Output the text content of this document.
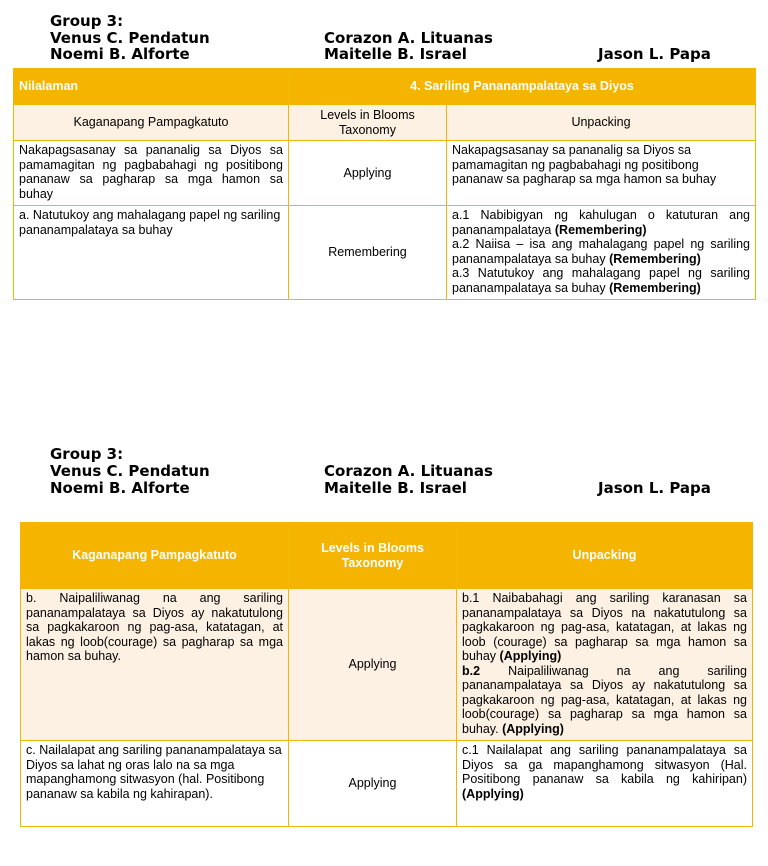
Group 3:
Venus C. Pendatun
Noemi B. Alforte
Corazon A. Lituanas
Maitelle B. Israel	Jason L. Papa
Nilalaman	4. Sariling Pananampalataya sa Diyos	
Kaganapang Pampagkatuto	Levels in Blooms Taxonomy	Unpacking
Nakapagsasanay sa pananalig sa Diyos sa pamamagitan ng pagbabahagi ng positibong pananaw sa pagharap sa mga hamon sa buhay	Applying	Nakapagsasanay sa pananalig sa Diyos sa pamamagitan ng pagbabahagi ng positibong pananaw sa pagharap sa mga hamon sa buhay
a. Natutukoy ang mahalagang papel ng sariling pananampalataya sa buhay	Remembering	a.1 Nabibigyan ng kahulugan o katuturan ang pananampalataya (Remembering)
a.2 Naiisa – isa ang mahalagang papel ng sariling pananampalataya sa buhay (Remembering)
a.3 Natutukoy ang mahalagang papel ng sariling pananampalataya sa buhay (Remembering)
Group 3:
Venus C. Pendatun
Noemi B. Alforte
Corazon A. Lituanas
Maitelle B. Israel	Jason L. Papa
Kaganapang Pampagkatuto	Levels in Blooms Taxonomy	Unpacking
b. Naipaliliwanag na ang sariling pananampalataya sa Diyos ay nakatutulong sa pagkakaroon ng pag-asa, katatagan, at lakas ng loob(courage) sa pagharap sa mga hamon sa buhay.	Applying	b.1 Naibabahagi ang sariling karanasan sa pananampalataya sa Diyos na nakatutulong sa pagkakaroon ng pag-asa, katatagan, at lakas ng loob (courage) sa pagharap sa mga hamon sa buhay (Applying)
b.2 Naipaliliwanag na ang sariling pananampalataya sa Diyos ay nakatutulong sa pagkakaroon ng pag-asa, katatagan, at lakas ng loob(courage) sa pagharap sa mga hamon sa buhay. (Applying)

c. Nailalapat ang sariling pananampalataya sa Diyos sa lahat ng oras lalo na sa mga mapanghamong sitwasyon (hal. Positibong pananaw sa kabila ng kahirapan).	Applying	c.1 Nailalapat ang sariling pananampalataya sa Diyos sa ga mapanghamong sitwasyon (Hal. Positibong pananaw sa kabila ng kahiripan) (Applying)
